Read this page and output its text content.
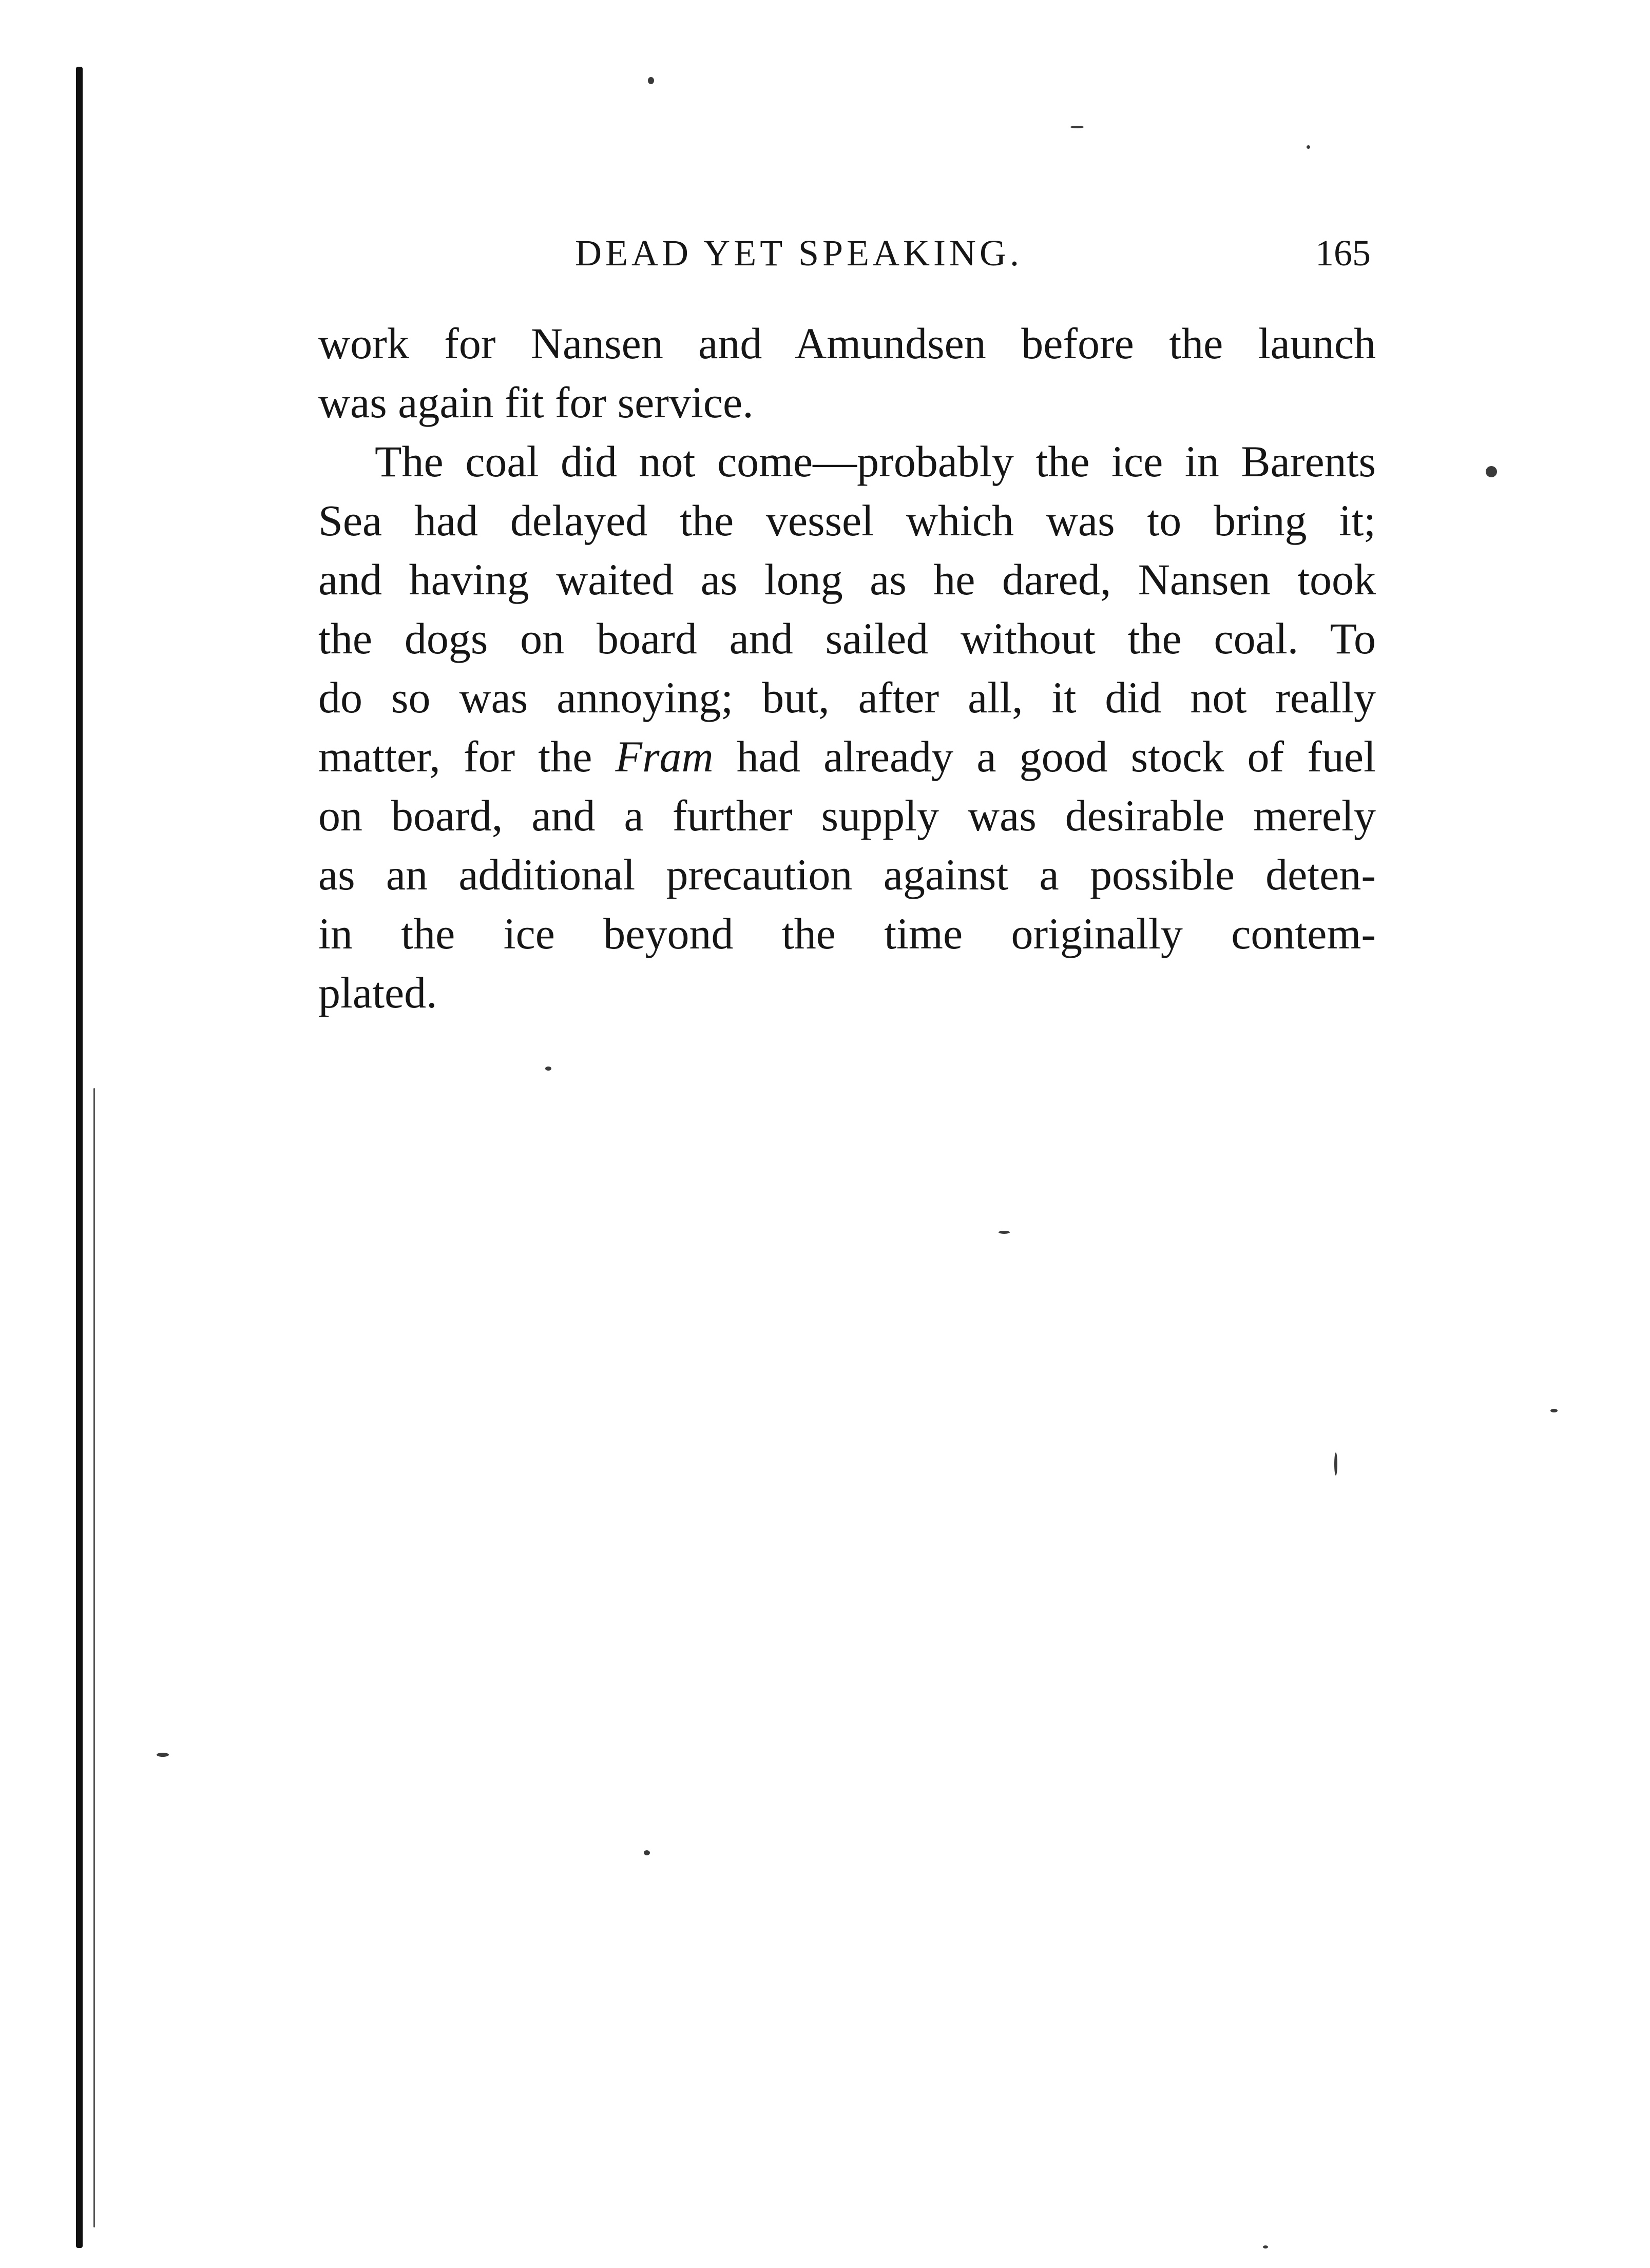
DEAD YET SPEAKING.	165
work for Nansen and Amundsen before the launch
was again fit for service.
The coal did not come—probably the ice in Barents
Sea had delayed the vessel which was to bring it;
and having waited as long as he dared, Nansen took
the dogs on board and sailed without the coal. To
do so was annoying; but, after all, it did not really
matter, for the Fram had already a good stock of fuel
on board, and a further supply was desirable merely
as an additional precaution against a possible deten-
in the ice beyond the time originally contem-
plated.
